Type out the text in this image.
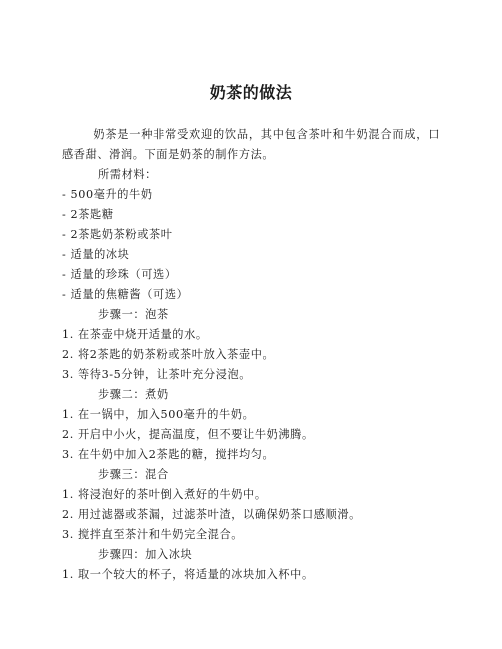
奶茶的做法

奶茶是一种非常受欢迎的饮品，其中包含茶叶和牛奶混合而成，口感香甜、滑润。下面是奶茶的制作方法。

所需材料：

- 500毫升的牛奶

- 2茶匙糖

- 2茶匙奶茶粉或茶叶

- 适量的冰块

- 适量的珍珠（可选）

- 适量的焦糖酱（可选）

步骤一：泡茶

1. 在茶壶中烧开适量的水。

2. 将2茶匙的奶茶粉或茶叶放入茶壶中。

3. 等待3-5分钟，让茶叶充分浸泡。

步骤二：煮奶

1. 在一锅中，加入500毫升的牛奶。

2. 开启中小火，提高温度，但不要让牛奶沸腾。

3. 在牛奶中加入2茶匙的糖，搅拌均匀。

步骤三：混合

1. 将浸泡好的茶叶倒入煮好的牛奶中。

2. 用过滤器或茶漏，过滤茶叶渣，以确保奶茶口感顺滑。

3. 搅拌直至茶汁和牛奶完全混合。

步骤四：加入冰块

1. 取一个较大的杯子，将适量的冰块加入杯中。
